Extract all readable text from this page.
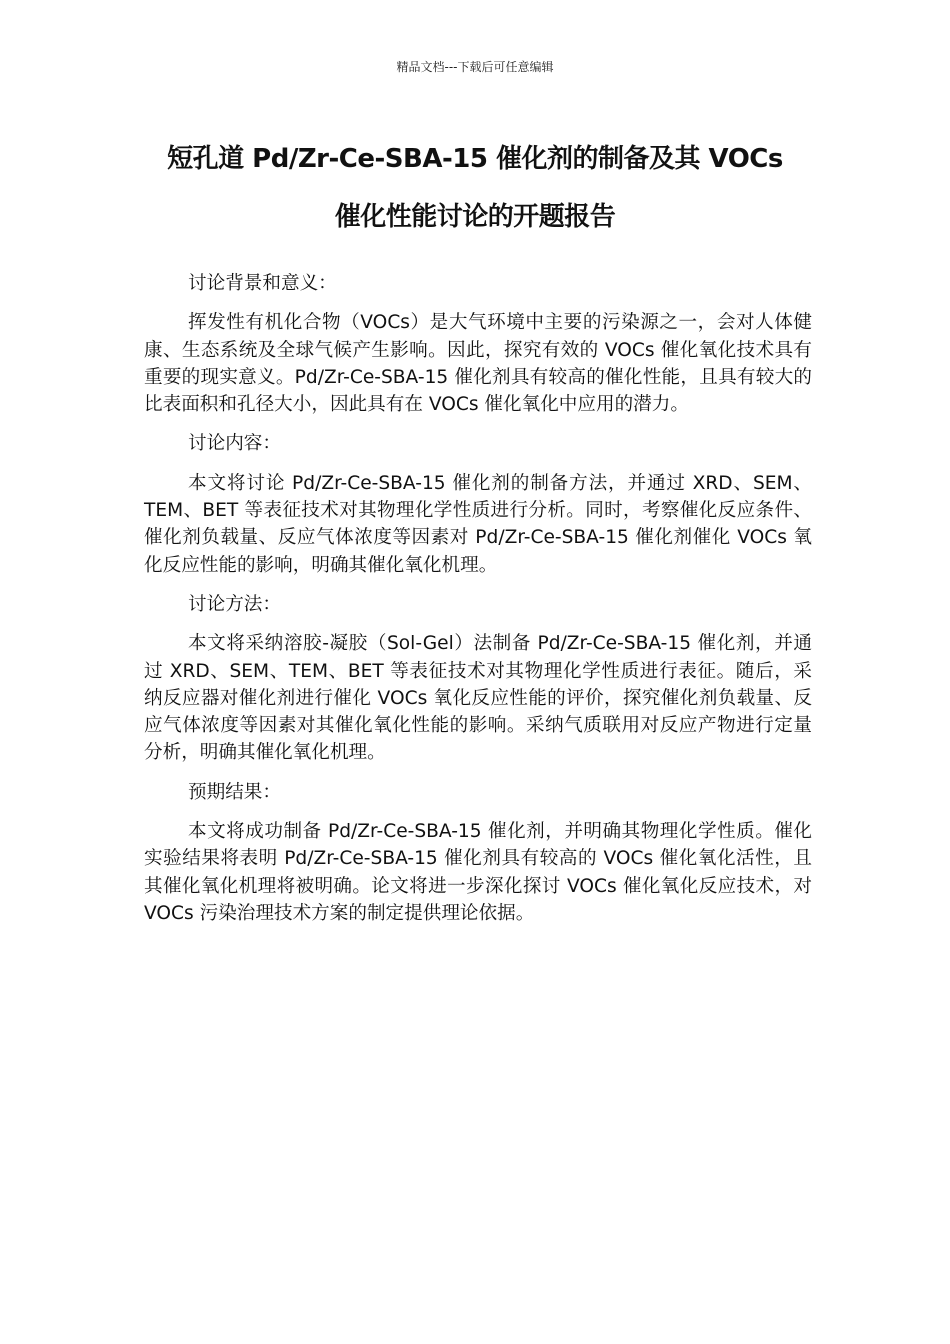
精品文档---下载后可任意编辑
短孔道 Pd/Zr-Ce-SBA-15 催化剂的制备及其 VOCs
催化性能讨论的开题报告

讨论背景和意义：

挥发性有机化合物（VOCs）是大气环境中主要的污染源之一，会对人体健康、生态系统及全球气候产生影响。因此，探究有效的 VOCs 催化氧化技术具有重要的现实意义。Pd/Zr-Ce-SBA-15 催化剂具有较高的催化性能，且具有较大的比表面积和孔径大小，因此具有在 VOCs 催化氧化中应用的潜力。

讨论内容：

本文将讨论 Pd/Zr-Ce-SBA-15 催化剂的制备方法，并通过 XRD、SEM、TEM、BET 等表征技术对其物理化学性质进行分析。同时，考察催化反应条件、催化剂负载量、反应气体浓度等因素对 Pd/Zr-Ce-SBA-15 催化剂催化 VOCs 氧化反应性能的影响，明确其催化氧化机理。

讨论方法：

本文将采纳溶胶-凝胶（Sol-Gel）法制备 Pd/Zr-Ce-SBA-15 催化剂，并通过 XRD、SEM、TEM、BET 等表征技术对其物理化学性质进行表征。随后，采纳反应器对催化剂进行催化 VOCs 氧化反应性能的评价，探究催化剂负载量、反应气体浓度等因素对其催化氧化性能的影响。采纳气质联用对反应产物进行定量分析，明确其催化氧化机理。

预期结果：

本文将成功制备 Pd/Zr-Ce-SBA-15 催化剂，并明确其物理化学性质。催化实验结果将表明 Pd/Zr-Ce-SBA-15 催化剂具有较高的 VOCs 催化氧化活性，且其催化氧化机理将被明确。论文将进一步深化探讨 VOCs 催化氧化反应技术，对 VOCs 污染治理技术方案的制定提供理论依据。
